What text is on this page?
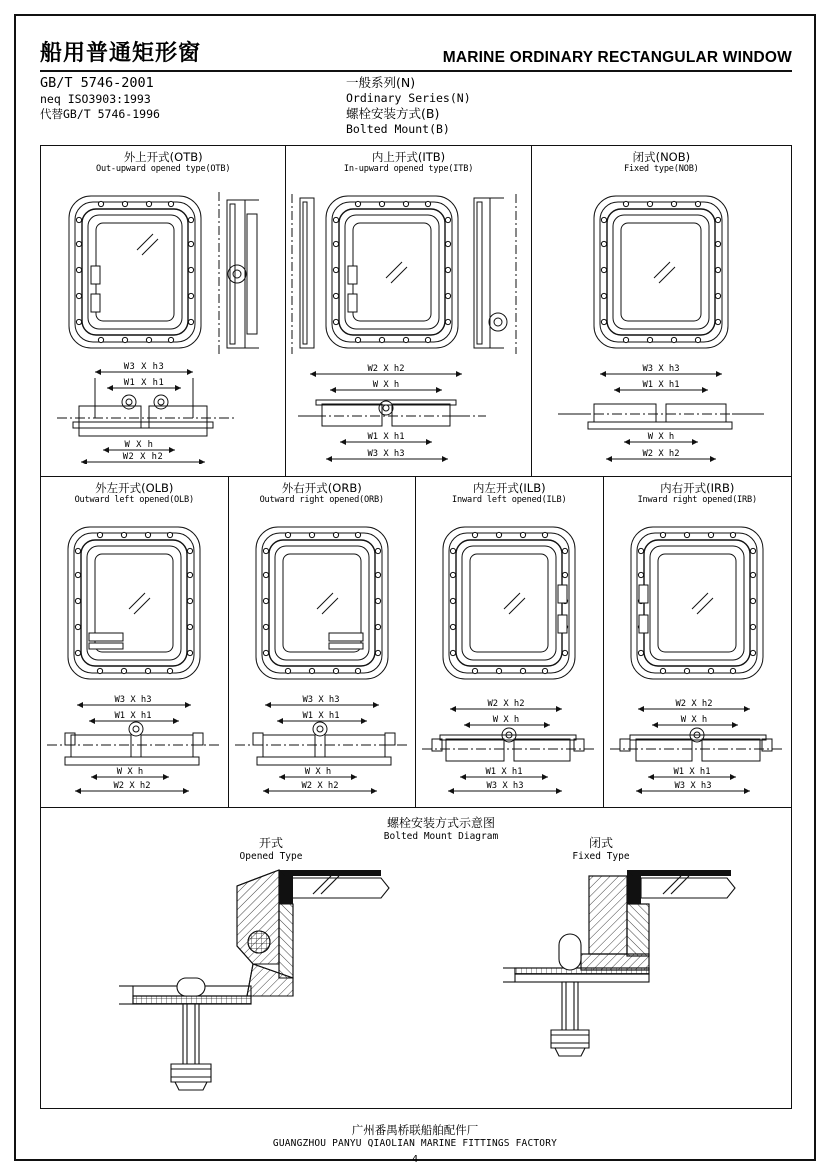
船用普通矩形窗	MARINE ORDINARY RECTANGULAR WINDOW
GB/T 5746-2001
neq ISO3903:1993
代替GB/T 5746-1996
一般系列(N)
Ordinary Series(N)
螺栓安装方式(B)
Bolted Mount(B)
外上开式(OTB)
Out-upward opened type(OTB)
W3 X h3
W1 X h1
W X h
W2 X h2
内上开式(ITB)
In-upward opened type(ITB)
W2 X h2
W X h
W1 X h1
W3 X h3
闭式(NOB)
Fixed type(NOB)
W3 X h3
W1 X h1
W X h
W2 X h2
外左开式(OLB)
Outward left opened(OLB)
W3 X h3
W1 X h1
W X h
W2 X h2
外右开式(ORB)
Outward right opened(ORB)
W3 X h3
W1 X h1
W X h
W2 X h2
内左开式(ILB)
Inward left opened(ILB)
W2 X h2
W X h
W1 X h1
W3 X h3
内右开式(IRB)
Inward right opened(IRB)
W2 X h2
W X h
W1 X h1
W3 X h3
螺栓安装方式示意图
Bolted Mount Diagram
开式
Opened Type
闭式
Fixed Type
广州番禺桥联船舶配件厂
GUANGZHOU PANYU QIAOLIAN MARINE FITTINGS FACTORY
4
